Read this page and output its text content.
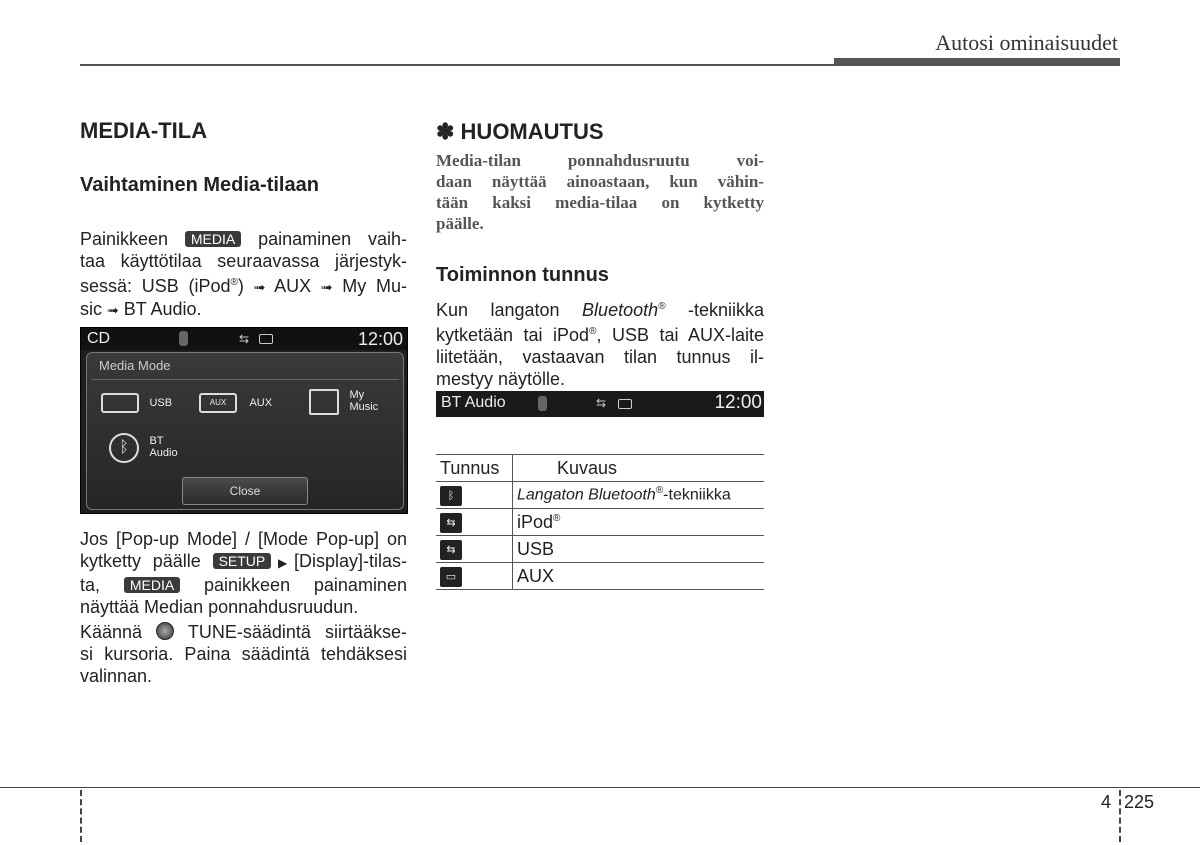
Autosi ominaisuudet
MEDIA-TILA
Vaihtaminen Media-tilaan
Painikkeen MEDIA painaminen vaih-
taa käyttötilaa seuraavassa järjestyk-
sessä: USB (iPod®) ➟ AUX ➟ My Mu-
sic ➟ BT Audio.
CD	⇆	12:00
Media Mode
USB	AUX AUX
My
Music
ᛒ BT
Audio
Close
Jos [Pop-up Mode] / [Mode Pop-up] on
kytketty päälle SETUP ▶[Display]-tilas-
ta, MEDIA painikkeen painaminen
näyttää Median ponnahdusruudun.
Käännä	TUNE-säädintä siirtääkse-
si kursoria. Paina säädintä tehdäksesi
valinnan.
✽ HUOMAUTUS
Media-tilan ponnahdusruutu voi-
daan näyttää ainoastaan, kun vähin-
tään kaksi media-tilaa on kytketty
päälle.
Toiminnon tunnus
Kun langaton Bluetooth® -tekniikka
kytketään tai iPod®, USB tai AUX-laite
liitetään, vastaavan tilan tunnus il-
mestyy näytölle.
BT Audio	⇆	12:00
Tunnus	Kuvaus
ᛒ	Langaton Bluetooth®-tekniikka
⇆	iPod®
⇆	USB
▭	AUX
4 225
